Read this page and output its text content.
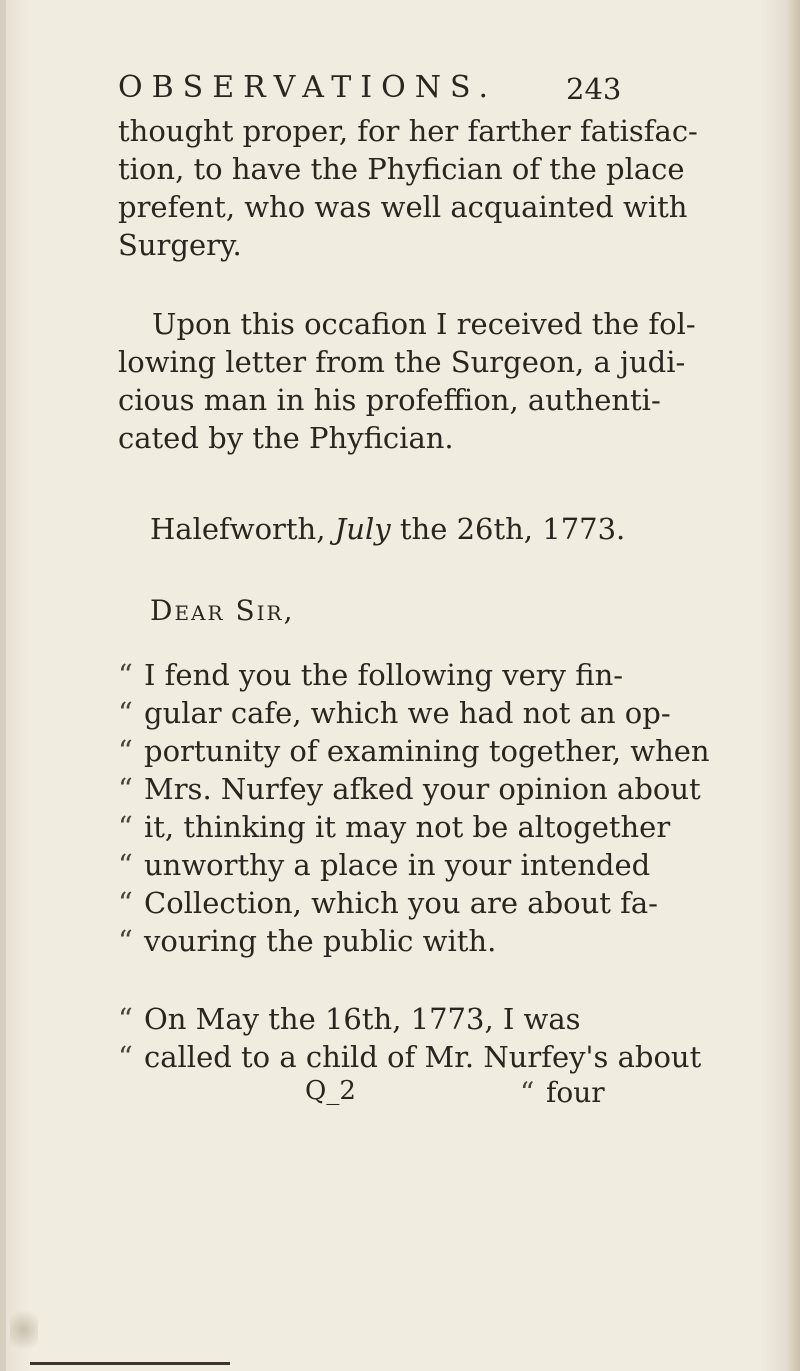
OBSERVATIONS. 243
thought proper, for her farther fatisfac-
tion, to have the Phyfician of the place
prefent, who was well acquainted with
Surgery.
Upon this occafion I received the fol-
lowing letter from the Surgeon, a judi-
cious man in his profeffion, authenti-
cated by the Phyfician.
Halefworth, July the 26th, 1773.
Dear Sir,
“ I fend you the following very fin-
“ gular cafe, which we had not an op-
“ portunity of examining together, when
“ Mrs. Nurfey afked your opinion about
“ it, thinking it may not be altogether
“ unworthy a place in your intended
“ Collection, which you are about fa-
“ vouring the public with.
“ On May the 16th, 1773, I was
“ called to a child of Mr. Nurfey's about
Q_2	“ four
